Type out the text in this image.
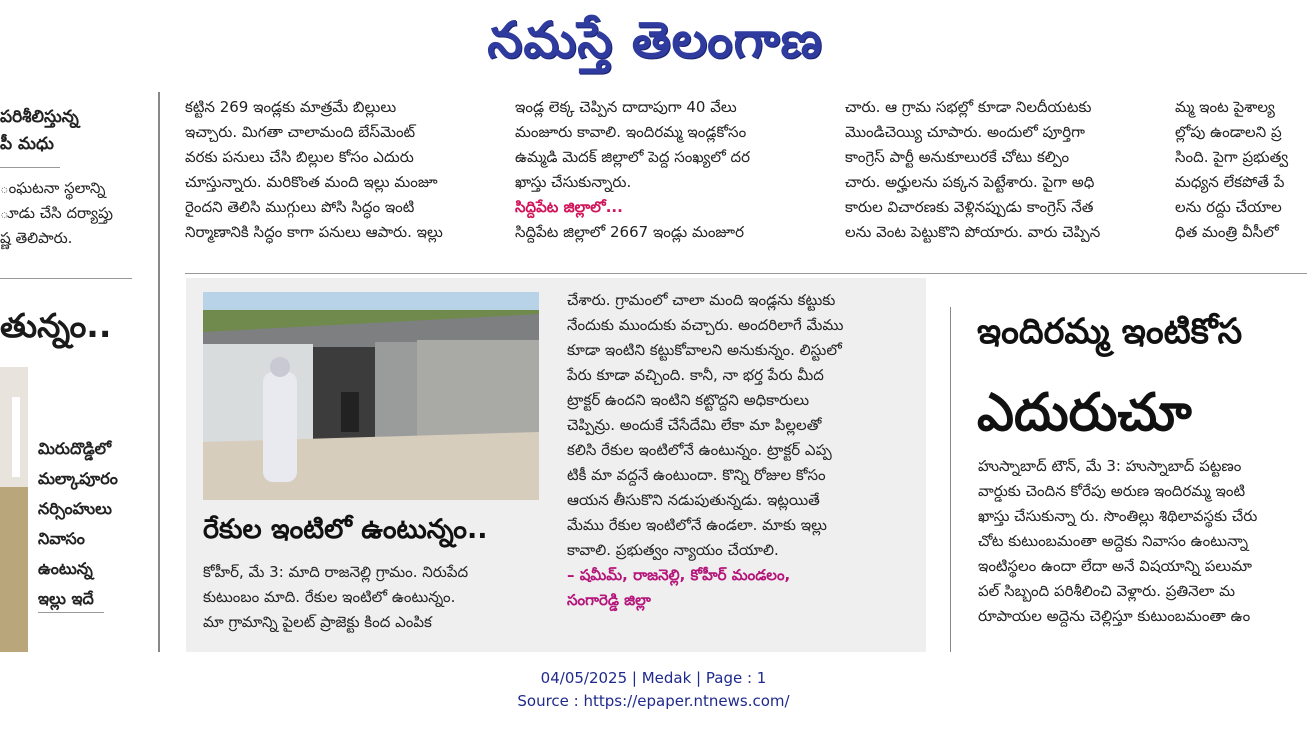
నమస్తే తెలంగాణ

పరిశీలిస్తున్న

పీ మధు

ంఘటనా స్థలాన్ని

ూడు చేసి దర్యాప్తు

ష్ణ తెలిపారు.

తున్నం..

మిరుదొడ్డిలో

మల్కాపూరం

నర్సింహులు

నివాసం

ఉంటున్న

ఇల్లు ఇదే

కట్టిన 269 ఇండ్లకు మాత్రమే బిల్లులు

ఇచ్చారు. మిగతా చాలామంది బేస్‌మెంట్

వరకు పనులు చేసి బిల్లుల కోసం ఎదురు

చూస్తున్నారు. మరికొంత మంది ఇల్లు మంజూ

రైందని తెలిసి ముగ్గులు పోసి సిద్ధం ఇంటి

నిర్మాణానికి సిద్ధం కాగా పనులు ఆపారు. ఇల్లు

ఇండ్ల లెక్క చెప్పిన దాదాపుగా 40 వేలు

మంజూరు కావాలి. ఇందిరమ్మ ఇండ్లకోసం

ఉమ్మడి మెదక్ జిల్లాలో పెద్ద సంఖ్యలో దర

ఖాస్తు చేసుకున్నారు.

సిద్దిపేట జిల్లాలో...

సిద్దిపేట జిల్లాలో 2667 ఇండ్లు మంజూర

చారు. ఆ గ్రామ సభల్లో కూడా నిలదీయటకు

మొండిచెయ్యి చూపారు. అందులో పూర్తిగా

కాంగ్రెస్ పార్టీ అనుకూలురకే చోటు కల్పిం

చారు. అర్హులను పక్కన పెట్టేశారు. పైగా అధి

కారుల విచారణకు వెళ్లినప్పుడు కాంగ్రెస్ నేత

లను వెంట పెట్టుకొని పోయారు. వారు చెప్పిన

మ్మ ఇంట పైశాల్య

ల్లోపు ఉండాలని ప్ర

సింది. పైగా ప్రభుత్వ

మధ్యన లేకపోతే పే

లను రద్దు చేయాల

ధిత మంత్రి వీసీలో

రేకుల ఇంటిలో ఉంటున్నం..

కోహీర్, మే 3: మాది రాజనెల్లి గ్రామం. నిరుపేద

కుటుంబం మాది. రేకుల ఇంటిలో ఉంటున్నం.

మా గ్రామాన్ని పైలట్ ప్రాజెక్టు కింద ఎంపిక

చేశారు. గ్రామంలో చాలా మంది ఇండ్లను కట్టుకు

నేందుకు ముందుకు వచ్చారు. అందరిలాగే మేము

కూడా ఇంటిని కట్టుకోవాలని అనుకున్నం. లిస్టులో

పేరు కూడా వచ్చింది. కానీ, నా భర్త పేరు మీద

ట్రాక్టర్ ఉందని ఇంటిని కట్టొద్దని అధికారులు

చెప్పిన్రు. అందుకే చేసేదేమి లేకా మా పిల్లలతో

కలిసి రేకుల ఇంటిలోనే ఉంటున్నం. ట్రాక్టర్ ఎప్ప

టికీ మా వద్దనే ఉంటుందా. కొన్ని రోజుల కోసం

ఆయన తీసుకొని నడుపుతున్నడు. ఇట్లయితే

మేము రేకుల ఇంటిలోనే ఉండలా. మాకు ఇల్లు

కావాలి. ప్రభుత్వం న్యాయం చేయాలి.

– షమీమ్, రాజనెల్లి, కోహీర్ మండలం,

సంగారెడ్డి జిల్లా

ఇందిరమ్మ ఇంటికోస
ఎదురుచూ

హుస్నాబాద్ టౌన్, మే 3: హుస్నాబాద్ పట్టణం

వార్డుకు చెందిన కోరేపు అరుణ ఇందిరమ్మ ఇంటి

ఖాస్తు చేసుకున్నా రు. సొంతిల్లు శిథిలావస్థకు చేరు

చోట కుటుంబమంతా అద్దెకు నివాసం ఉంటున్నా

ఇంటిస్థలం ఉందా లేదా అనే విషయాన్ని పలుమా

పల్ సిబ్బంది పరిశీలించి వెళ్లారు. ప్రతినెలా మ

రూపాయల అద్దెను చెల్లిస్తూ కుటుంబమంతా ఉం

04/05/2025 | Medak | Page : 1
Source : https://epaper.ntnews.com/
